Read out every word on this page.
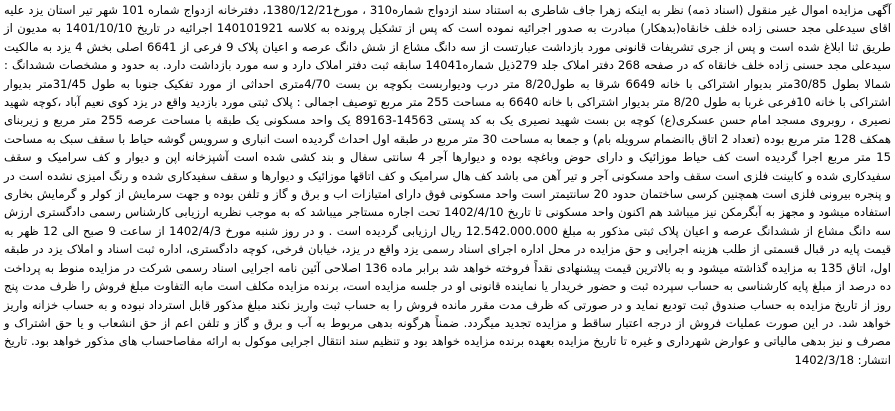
آگهی مزایده اموال غیر منقول (اسناد ذمه) نظر به اینکه زهرا جاف شاطری به استناد سند ازدواج شماره310 ، مورخ1380/12/21، دفترخانه ازدواج شماره 101 شهر تیر استان یزد علیه اقای سیدعلی مجد حسنی زاده خلف خانقاه(بدهکار) مبادرت به صدور اجرائیه نموده است که پس از تشکیل پرونده به کلاسه 140101921 اجرائیه در تاریخ 1401/10/10 به مدیون از طریق ثنا ابلاغ شده است و پس از جری تشریفات قانونی مورد بازداشت عبارتست از سه دانگ مشاع از شش دانگ عرصه و اعیان پلاک 9 فرعی از 6641 اصلی بخش 4 یزد به مالکیت سیدعلی مجد حسنی زاده خلف خانقاه که در صفحه 268 دفتر املاک جلد 279ذیل شماره14041 سابقه ثبت دفتر املاک دارد و سه مورد بازداشت دارد. به حدود و مشخصات ششدانگ : شمالا بطول 30/85متر بدیوار اشتراکی با خانه 6649 شرقا به طول8/20 متر درب ودیواربست بکوچه بن بست 4/70متری احداثی از مورد تفکیک جنوبا به طول 31/45متر بدیوار اشتراکی با خانه 10فرعی غربا به طول 8/20 متر بدیوار اشتراکی با خانه 6640 به مساحت 255 متر مربع توصیف اجمالی : پلاک ثبتی مورد بازدید واقع در یزد کوی نعیم آباد ،کوچه شهید نصیری ، روبروی مسجد امام حسن عسکری(ع) کوچه بن بست شهید نصیری یک به کد پستی 14563-89163 یک واحد مسکونی یک طبقه با مساحت عرصه 255 متر مربع و زیربنای همکف 128 متر مربع بوده (تعداد 2 اتاق باانضمام سرویله بام) و جمعا به مساحت 30 متر مربع در طبقه اول احداث گردیده است انباری و سرویس گوشه حیاط با سقف سبک به مساحت 15 متر مربع اجرا گردیده است کف حیاط موزائیک و دارای حوض وباغچه بوده و دیوارها آجر 4 سانتی سفال و بند کشی شده است آشپزخانه اپن و دیوار و کف سرامیک و سقف سفیدکاری شده و کابینت فلزی است سقف واحد مسکونی آجر و تیر آهن می باشد کف هال سرامیک و کف اتاقها موزائیک و دیوارها و سقف سفیدکاری شده و رنگ امیزی نشده است در و پنجره بیرونی فلزی است همچنین کرسی ساختمان حدود 20 سانتیمتر است واحد مسکونی فوق دارای امتیازات اب و برق و گاز و تلفن بوده و جهت سرمایش از کولر و گرمایش بخاری استفاده میشود و مجهز به آبگرمکن نیز میباشد هم اکنون واحد مسکونی تا تاریخ 1402/4/10 تحت اجاره مستاجر میباشد که به موجب نظریه ارزیابی کارشناس رسمی دادگستری ارزش سه دانگ مشاع از ششدانگ عرصه و اعیان پلاک ثبتی مذکور به مبلغ 12.542.000.000 ریال ارزیابی گردیده است . و در روز شنبه مورخ 1402/4/3 از ساعت 9 صبح الی 12 ظهر به قیمت پایه در قبال قسمتی از طلب هزینه اجرایی و حق مزایده در محل اداره اجرای اسناد رسمی یزد واقع در یزد، خیابان فرخی، کوچه دادگستری، اداره ثبت اسناد و املاک یزد در طبقه اول، اتاق 135 به مزایده گذاشته میشود و به بالاترین قیمت پیشنهادی نقداً فروخته خواهد شد برابر ماده 136 اصلاحی آئین نامه اجرایی اسناد رسمی شرکت در مزایده منوط به پرداخت ده درصد از مبلغ پایه کارشناسی به حساب سپرده ثبت و حضور خریدار یا نماینده قانونی او در جلسه مزایده است، برنده مزایده مکلف است مابه التفاوت مبلغ فروش را ظرف مدت پنج روز از تاریخ مزایده به حساب صندوق ثبت تودیع نماید و در صورتی که ظرف مدت مقرر مانده فروش را به حساب ثبت واریز نکند مبلغ مذکور قابل استرداد نبوده و به حساب خزانه واریز خواهد شد. در این صورت عملیات فروش از درجه اعتبار ساقط و مزایده تجدید میگردد. ضمناً هرگونه بدهی مربوط به آب و برق و گاز و تلفن اعم از حق انشعاب و یا حق اشتراک و مصرف و نیز بدهی مالیاتی و عوارض شهرداری و غیره تا تاریخ مزایده بعهده برنده مزایده خواهد بود و تنظیم سند انتقال اجرایی موکول به ارائه مفاصاحساب های مذکور خواهد بود. تاریخ انتشار: 1402/3/18
